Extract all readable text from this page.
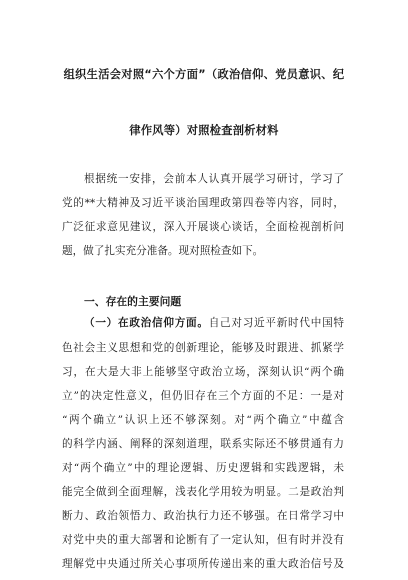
组织生活会对照“六个方面”（政治信仰、党员意识、纪
律作风等）对照检查剖析材料
根据统一安排，会前本人认真开展学习研讨，学习了
党的**大精神及习近平谈治国理政第四卷等内容，同时，
广泛征求意见建议，深入开展谈心谈话，全面检视剖析问
题，做了扎实充分准备。现对照检查如下。
一、存在的主要问题
（一）在政治信仰方面。自己对习近平新时代中国特
色社会主义思想和党的创新理论，能够及时跟进、抓紧学
习，在大是大非上能够坚守政治立场，深刻认识“两个确
立”的决定性意义，但仍旧存在三个方面的不足：一是对
“两个确立”认识上还不够深刻。对“两个确立”中蕴含
的科学内涵、阐释的深刻道理，联系实际还不够贯通有力
对“两个确立”中的理论逻辑、历史逻辑和实践逻辑，未
能完全做到全面理解，浅表化学用较为明显。二是政治判
断力、政治领悟力、政治执行力还不够强。在日常学习中
对党中央的重大部署和论断有了一定认知，但有时并没有
理解党中央通过所关心事项所传递出来的重大政治信号及
